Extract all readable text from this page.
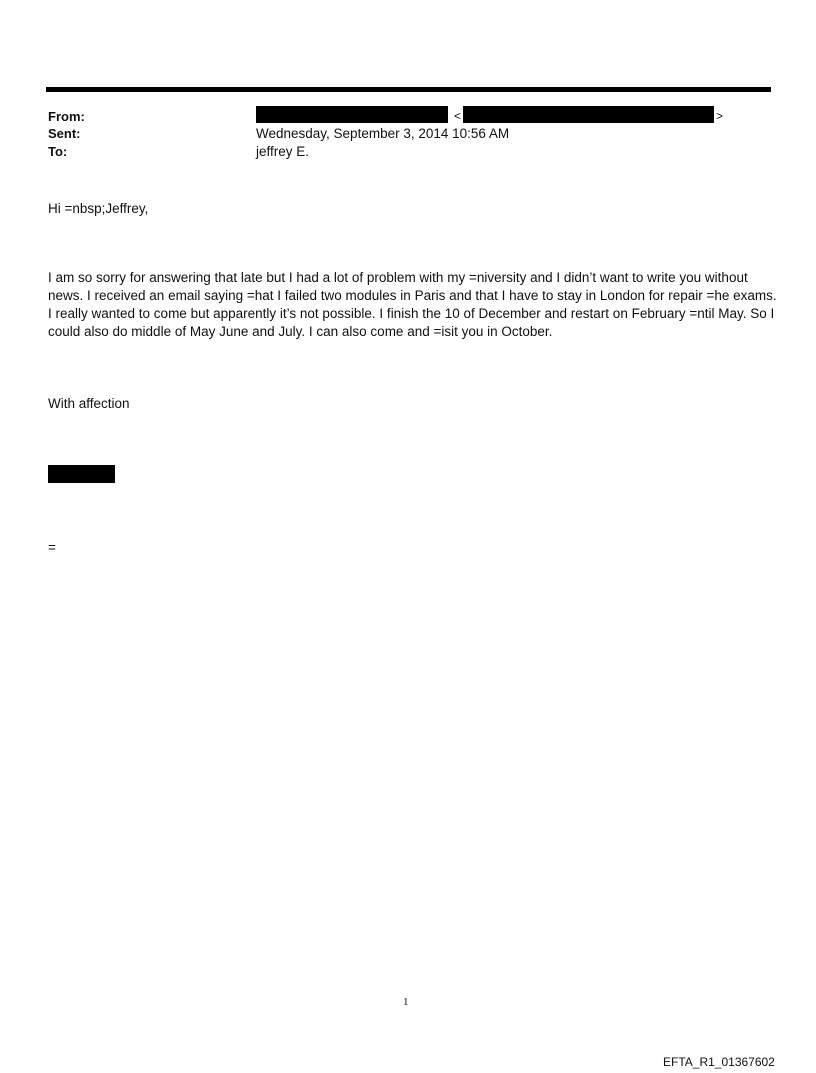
From:	<	>
Sent:	Wednesday, September 3, 2014 10:56 AM
To:	jeffrey E.
Hi =nbsp;Jeffrey,
I am so sorry for answering that late but I had a lot of problem with my =niversity and I didn’t want to write you without news. I received an email saying =hat I failed two modules in Paris and that I have to stay in London for repair =he exams. I really wanted to come but apparently it’s not possible. I finish the 10 of December and restart on February =ntil May. So I could also do middle of May June and July. I can also come and =isit you in October.
With affection
=
1
EFTA_R1_01367602
